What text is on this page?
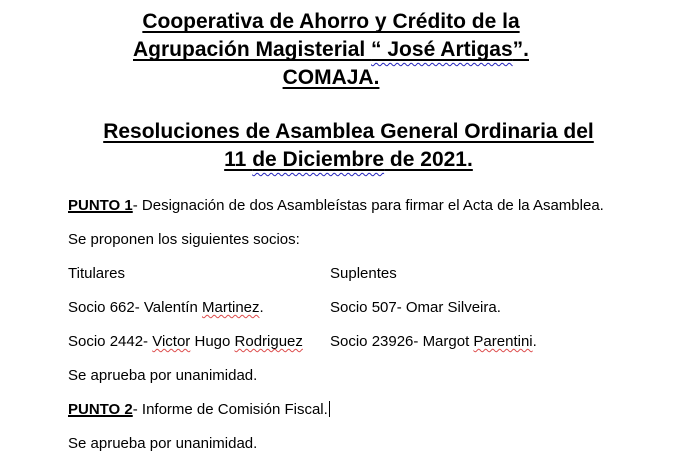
Cooperativa de Ahorro y Crédito de la
Agrupación Magisterial “ José Artigas”.
COMAJA.
Resoluciones de Asamblea General Ordinaria del
11 de Diciembre de 2021.

PUNTO 1- Designación de dos Asambleístas para firmar el Acta de la Asamblea.

Se proponen los siguientes socios:

Titulares	Suplentes
Socio 662- Valentín Martinez.	Socio 507- Omar Silveira.
Socio 2442- Victor Hugo Rodriguez	Socio 23926- Margot Parentini.

Se aprueba por unanimidad.

PUNTO 2- Informe de Comisión Fiscal.

Se aprueba por unanimidad.
